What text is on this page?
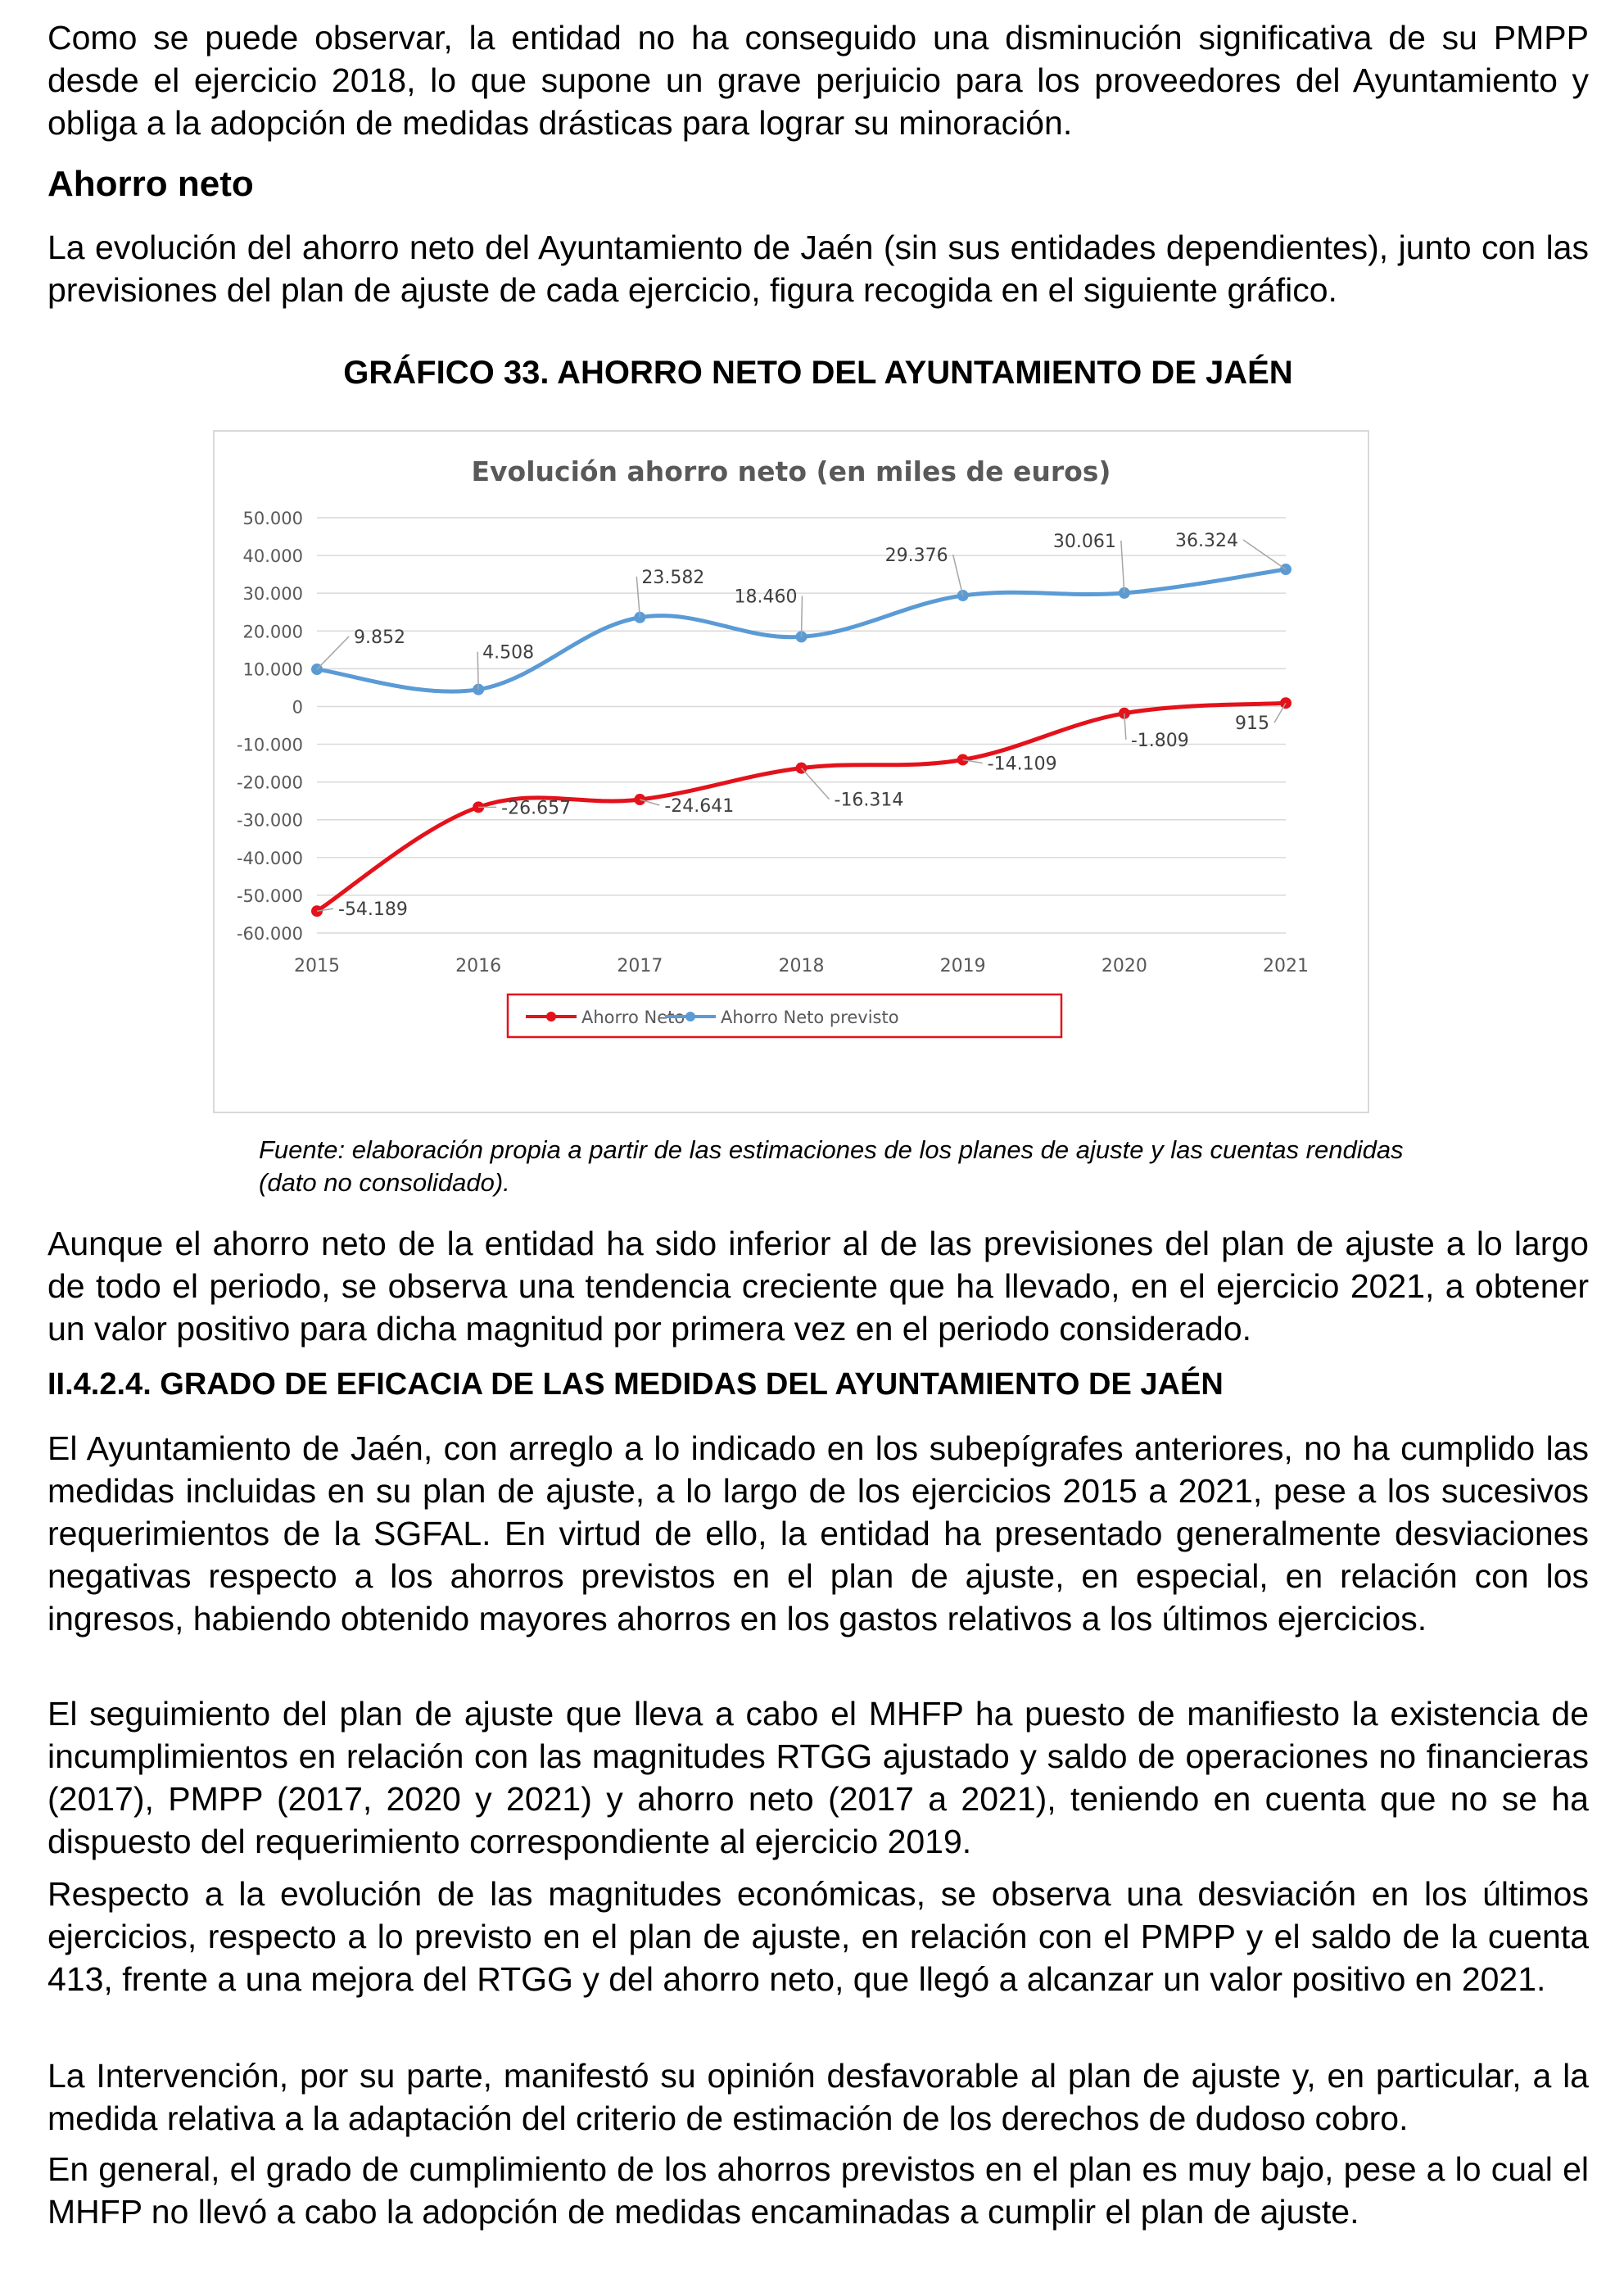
Como se puede observar, la entidad no ha conseguido una disminución significativa de su PMPP desde el ejercicio 2018, lo que supone un grave perjuicio para los proveedores del Ayuntamiento y obliga a la adopción de medidas drásticas para lograr su minoración.

Ahorro neto

La evolución del ahorro neto del Ayuntamiento de Jaén (sin sus entidades dependientes), junto con las previsiones del plan de ajuste de cada ejercicio, figura recogida en el siguiente gráfico.

GRÁFICO 33. AHORRO NETO DEL AYUNTAMIENTO DE JAÉN

Fuente: elaboración propia a partir de las estimaciones de los planes de ajuste y las cuentas rendidas (dato no consolidado).

Aunque el ahorro neto de la entidad ha sido inferior al de las previsiones del plan de ajuste a lo largo de todo el periodo, se observa una tendencia creciente que ha llevado, en el ejercicio 2021, a obtener un valor positivo para dicha magnitud por primera vez en el periodo considerado.

II.4.2.4. GRADO DE EFICACIA DE LAS MEDIDAS DEL AYUNTAMIENTO DE JAÉN

El Ayuntamiento de Jaén, con arreglo a lo indicado en los subepígrafes anteriores, no ha cumplido las medidas incluidas en su plan de ajuste, a lo largo de los ejercicios 2015 a 2021, pese a los sucesivos requerimientos de la SGFAL. En virtud de ello, la entidad ha presentado generalmente desviaciones negativas respecto a los ahorros previstos en el plan de ajuste, en especial, en relación con los ingresos, habiendo obtenido mayores ahorros en los gastos relativos a los últimos ejercicios.

El seguimiento del plan de ajuste que lleva a cabo el MHFP ha puesto de manifiesto la existencia de incumplimientos en relación con las magnitudes RTGG ajustado y saldo de operaciones no financieras (2017), PMPP (2017, 2020 y 2021) y ahorro neto (2017 a 2021), teniendo en cuenta que no se ha dispuesto del requerimiento correspondiente al ejercicio 2019.

Respecto a la evolución de las magnitudes económicas, se observa una desviación en los últimos ejercicios, respecto a lo previsto en el plan de ajuste, en relación con el PMPP y el saldo de la cuenta 413, frente a una mejora del RTGG y del ahorro neto, que llegó a alcanzar un valor positivo en 2021.

La Intervención, por su parte, manifestó su opinión desfavorable al plan de ajuste y, en particular, a la medida relativa a la adaptación del criterio de estimación de los derechos de dudoso cobro.

En general, el grado de cumplimiento de los ahorros previstos en el plan es muy bajo, pese a lo cual el MHFP no llevó a cabo la adopción de medidas encaminadas a cumplir el plan de ajuste.

Evolución ahorro neto (en miles de euros)
50.000
40.000
30.000
20.000
10.000
0
-10.000
-20.000
-30.000
-40.000
-50.000
-60.000
2015	2016	2017	2018	2019	2020	2021
-54.189
-26.657	-24.641	-16.314
-14.109
-1.809
915
9.852
4.508
23.582
18.460
29.376
30.061	36.324
Ahorro Neto Ahorro Neto previsto
